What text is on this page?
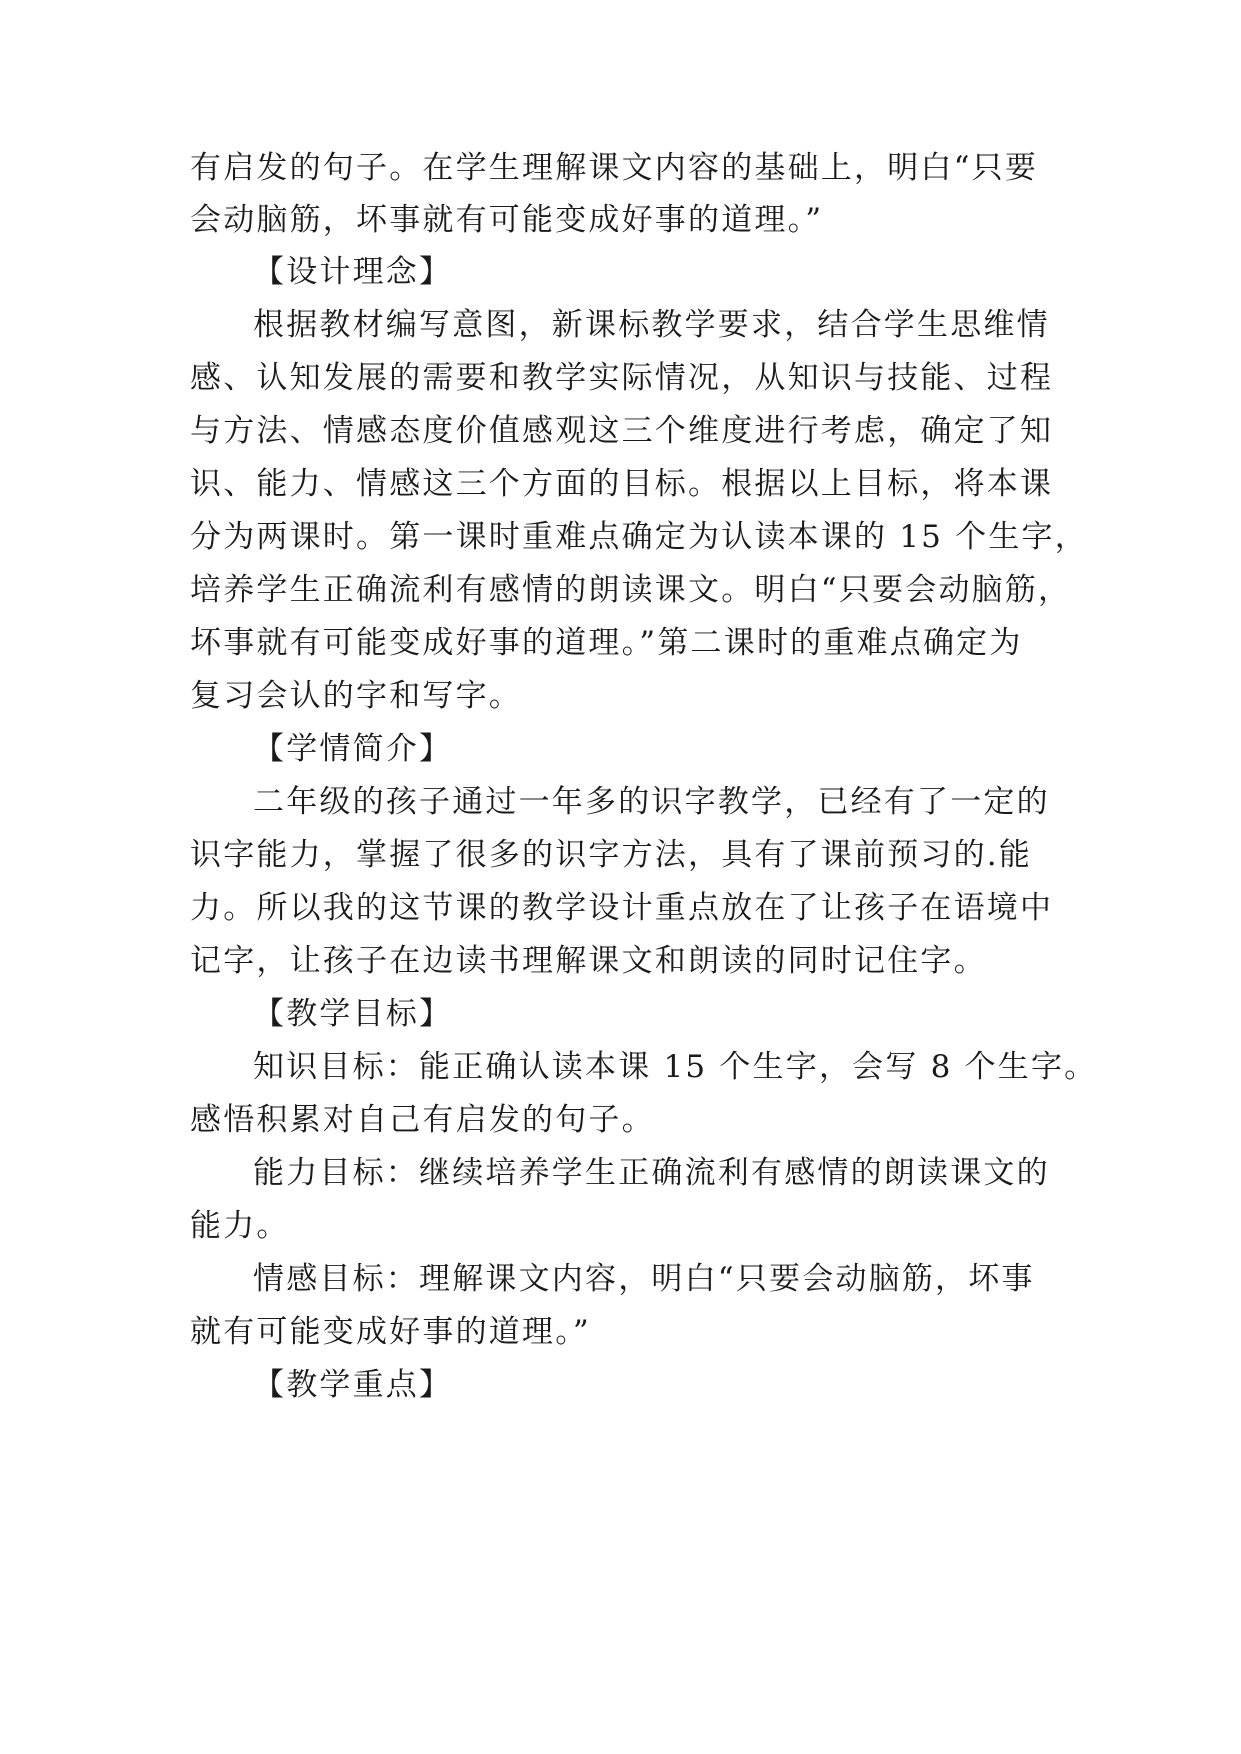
有启发的句子。在学生理解课文内容的基础上，明白“只要
会动脑筋，坏事就有可能变成好事的道理。”
【设计理念】
根据教材编写意图，新课标教学要求，结合学生思维情
感、认知发展的需要和教学实际情况，从知识与技能、过程
与方法、情感态度价值感观这三个维度进行考虑，确定了知
识、能力、情感这三个方面的目标。根据以上目标，将本课
分为两课时。第一课时重难点确定为认读本课的 15 个生字，
培养学生正确流利有感情的朗读课文。明白“只要会动脑筋，
坏事就有可能变成好事的道理。”第二课时的重难点确定为
复习会认的字和写字。
【学情简介】
二年级的孩子通过一年多的识字教学，已经有了一定的
识字能力，掌握了很多的识字方法，具有了课前预习的.能
力。所以我的这节课的教学设计重点放在了让孩子在语境中
记字，让孩子在边读书理解课文和朗读的同时记住字。
【教学目标】
知识目标：能正确认读本课 15 个生字，会写 8 个生字。
感悟积累对自己有启发的句子。
能力目标：继续培养学生正确流利有感情的朗读课文的
能力。
情感目标：理解课文内容，明白“只要会动脑筋，坏事
就有可能变成好事的道理。”
【教学重点】
